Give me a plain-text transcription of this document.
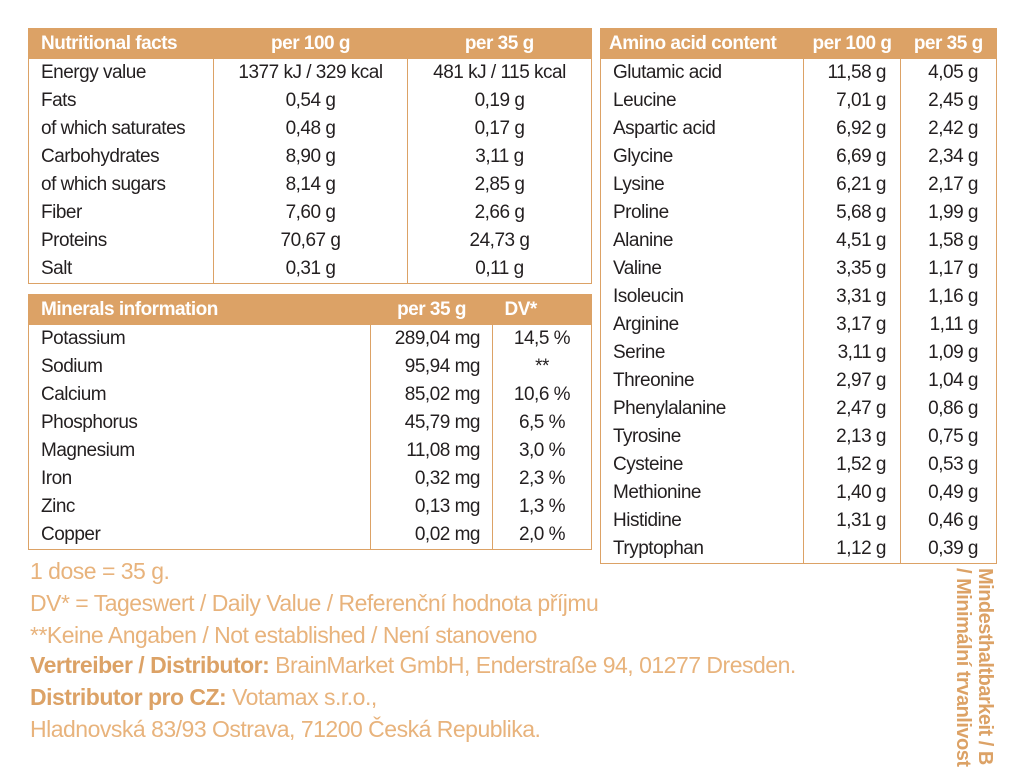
Nutritional facts	per 100 g	per 35 g
Energy value	1377 kJ / 329 kcal	481 kJ / 115 kcal
Fats	0,54 g	0,19 g
of which saturates	0,48 g	0,17 g
Carbohydrates	8,90 g	3,11 g
of which sugars	8,14 g	2,85 g
Fiber	7,60 g	2,66 g
Proteins	70,67 g	24,73 g
Salt	0,31 g	0,11 g
Minerals information	per 35 g	DV*
Potassium	289,04 mg	14,5 %
Sodium	95,94 mg	**
Calcium	85,02 mg	10,6 %
Phosphorus	45,79 mg	6,5 %
Magnesium	11,08 mg	3,0 %
Iron	0,32 mg	2,3 %
Zinc	0,13 mg	1,3 %
Copper	0,02 mg	2,0 %
Amino acid content	per 100 g	per 35 g
Glutamic acid	11,58 g	4,05 g
Leucine	7,01 g	2,45 g
Aspartic acid	6,92 g	2,42 g
Glycine	6,69 g	2,34 g
Lysine	6,21 g	2,17 g
Proline	5,68 g	1,99 g
Alanine	4,51 g	1,58 g
Valine	3,35 g	1,17 g
Isoleucin	3,31 g	1,16 g
Arginine	3,17 g	1,11 g
Serine	3,11 g	1,09 g
Threonine	2,97 g	1,04 g
Phenylalanine	2,47 g	0,86 g
Tyrosine	2,13 g	0,75 g
Cysteine	1,52 g	0,53 g
Methionine	1,40 g	0,49 g
Histidine	1,31 g	0,46 g
Tryptophan	1,12 g	0,39 g
1 dose = 35 g.
DV* = Tageswert / Daily Value / Referenční hodnota příjmu
**Keine Angaben / Not established / Není stanoveno
Vertreiber / Distributor: BrainMarket GmbH, Enderstraße 94, 01277 Dresden.
Distributor pro CZ: Votamax s.r.o.,
Hladnovská 83/93 Ostrava, 71200 Česká Republika.	Mindesthaltbarkeit / B
/ Minimální trvanlivost
